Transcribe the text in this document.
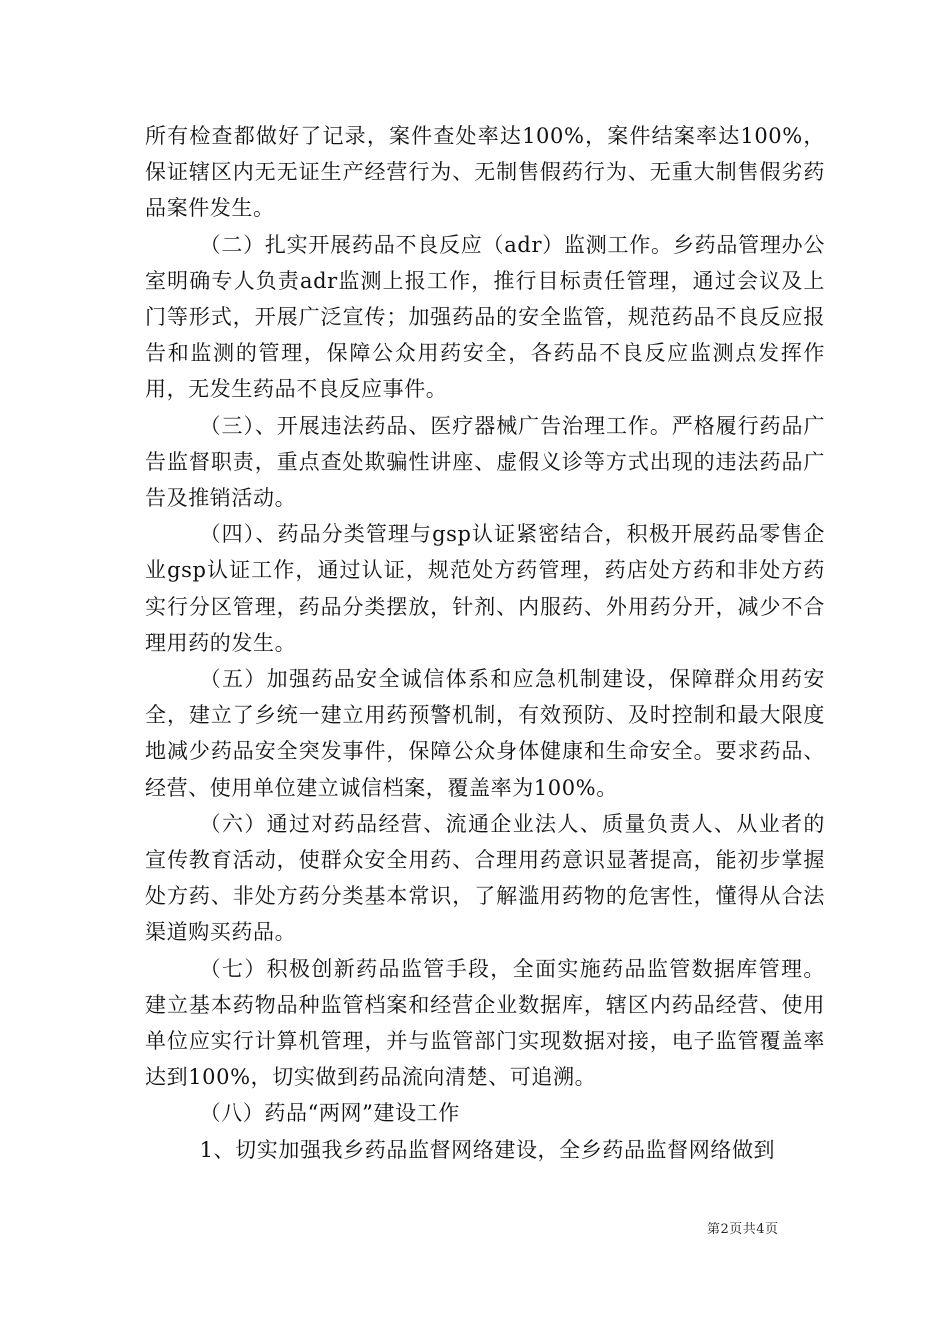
所有检查都做好了记录，案件查处率达100%，案件结案率达100%，保证辖区内无无证生产经营行为、无制售假药行为、无重大制售假劣药品案件发生。

（二）扎实开展药品不良反应（adr）监测工作。乡药品管理办公室明确专人负责adr监测上报工作，推行目标责任管理，通过会议及上门等形式，开展广泛宣传；加强药品的安全监管，规范药品不良反应报告和监测的管理，保障公众用药安全，各药品不良反应监测点发挥作用，无发生药品不良反应事件。

（三）、开展违法药品、医疗器械广告治理工作。严格履行药品广告监督职责，重点查处欺骗性讲座、虚假义诊等方式出现的违法药品广告及推销活动。

（四）、药品分类管理与gsp认证紧密结合，积极开展药品零售企业gsp认证工作，通过认证，规范处方药管理，药店处方药和非处方药实行分区管理，药品分类摆放，针剂、内服药、外用药分开，减少不合理用药的发生。

（五）加强药品安全诚信体系和应急机制建设，保障群众用药安全，建立了乡统一建立用药预警机制，有效预防、及时控制和最大限度地减少药品安全突发事件，保障公众身体健康和生命安全。要求药品、经营、使用单位建立诚信档案，覆盖率为100%。

（六）通过对药品经营、流通企业法人、质量负责人、从业者的宣传教育活动，使群众安全用药、合理用药意识显著提高，能初步掌握处方药、非处方药分类基本常识，了解滥用药物的危害性，懂得从合法渠道购买药品。

（七）积极创新药品监管手段，全面实施药品监管数据库管理。建立基本药物品种监管档案和经营企业数据库，辖区内药品经营、使用单位应实行计算机管理，并与监管部门实现数据对接，电子监管覆盖率达到100%，切实做到药品流向清楚、可追溯。

（八）药品“两网”建设工作

1、切实加强我乡药品监督网络建设，全乡药品监督网络做到

第2页共4页
